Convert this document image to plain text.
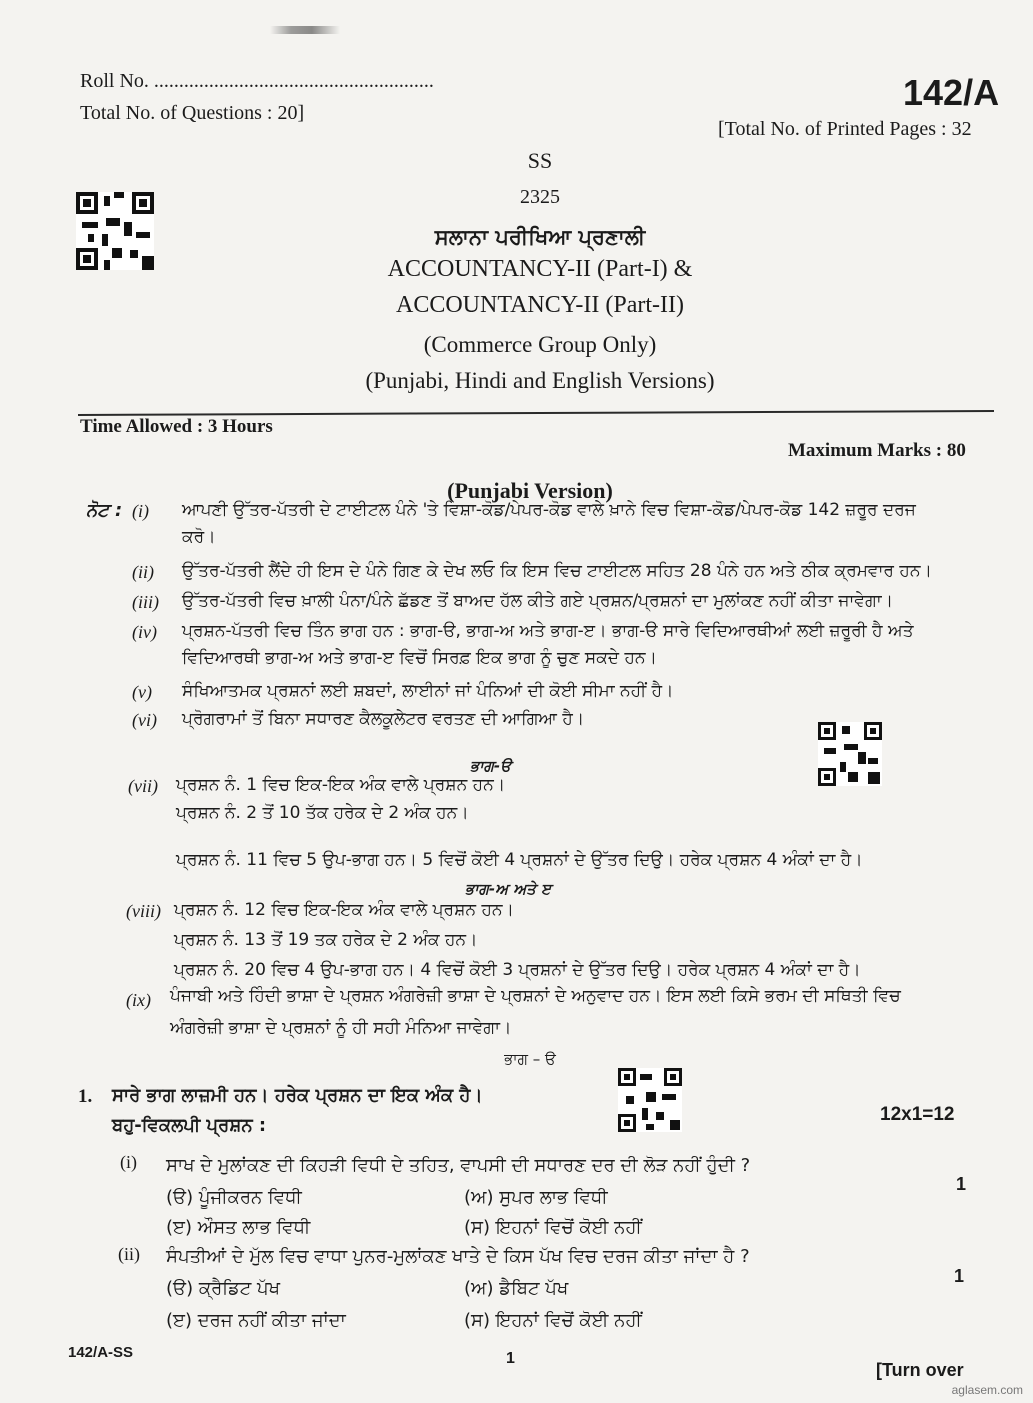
Roll No. ........................................................
Total No. of Questions : 20]	142/A
[Total No. of Printed Pages : 32
SS
2325
ਸਲਾਨਾ ਪਰੀਖਿਆ ਪ੍ਰਣਾਲੀ
ACCOUNTANCY-II (Part-I) &
ACCOUNTANCY-II (Part-II)
(Commerce Group Only)
(Punjabi, Hindi and English Versions)
Time Allowed : 3 Hours
Maximum Marks : 80
(Punjabi Version)
ਨੋਟ : (i) ਆਪਣੀ ਉੱਤਰ-ਪੱਤਰੀ ਦੇ ਟਾਈਟਲ ਪੰਨੇ 'ਤੇ ਵਿਸ਼ਾ-ਕੋਡ/ਪੇਪਰ-ਕੋਡ ਵਾਲੇ ਖ਼ਾਨੇ ਵਿਚ ਵਿਸ਼ਾ-ਕੋਡ/ਪੇਪਰ-ਕੋਡ 142 ਜ਼ਰੂਰ ਦਰਜ
ਕਰੋ।
(ii) ਉੱਤਰ-ਪੱਤਰੀ ਲੈਂਦੇ ਹੀ ਇਸ ਦੇ ਪੰਨੇ ਗਿਣ ਕੇ ਦੇਖ ਲਓ ਕਿ ਇਸ ਵਿਚ ਟਾਈਟਲ ਸਹਿਤ 28 ਪੰਨੇ ਹਨ ਅਤੇ ਠੀਕ ਕ੍ਰਮਵਾਰ ਹਨ।
(iii) ਉੱਤਰ-ਪੱਤਰੀ ਵਿਚ ਖ਼ਾਲੀ ਪੰਨਾ/ਪੰਨੇ ਛੱਡਣ ਤੋਂ ਬਾਅਦ ਹੱਲ ਕੀਤੇ ਗਏ ਪ੍ਰਸ਼ਨ/ਪ੍ਰਸ਼ਨਾਂ ਦਾ ਮੁਲਾਂਕਣ ਨਹੀਂ ਕੀਤਾ ਜਾਵੇਗਾ।
(iv) ਪ੍ਰਸ਼ਨ-ਪੱਤਰੀ ਵਿਚ ਤਿੰਨ ਭਾਗ ਹਨ : ਭਾਗ-ੳ, ਭਾਗ-ਅ ਅਤੇ ਭਾਗ-ੲ। ਭਾਗ-ੳ ਸਾਰੇ ਵਿਦਿਆਰਥੀਆਂ ਲਈ ਜ਼ਰੂਰੀ ਹੈ ਅਤੇ
ਵਿਦਿਆਰਥੀ ਭਾਗ-ਅ ਅਤੇ ਭਾਗ-ੲ ਵਿਚੋਂ ਸਿਰਫ਼ ਇਕ ਭਾਗ ਨੂੰ ਚੁਣ ਸਕਦੇ ਹਨ।
(v) ਸੰਖਿਆਤਮਕ ਪ੍ਰਸ਼ਨਾਂ ਲਈ ਸ਼ਬਦਾਂ, ਲਾਈਨਾਂ ਜਾਂ ਪੰਨਿਆਂ ਦੀ ਕੋਈ ਸੀਮਾ ਨਹੀਂ ਹੈ।
(vi) ਪ੍ਰੋਗਰਾਮਾਂ ਤੋਂ ਬਿਨਾ ਸਧਾਰਣ ਕੈਲਕੂਲੇਟਰ ਵਰਤਣ ਦੀ ਆਗਿਆ ਹੈ।
ਭਾਗ-ੳ
(vii) ਪ੍ਰਸ਼ਨ ਨੰ. 1 ਵਿਚ ਇਕ-ਇਕ ਅੰਕ ਵਾਲੇ ਪ੍ਰਸ਼ਨ ਹਨ।
ਪ੍ਰਸ਼ਨ ਨੰ. 2 ਤੋਂ 10 ਤੱਕ ਹਰੇਕ ਦੇ 2 ਅੰਕ ਹਨ।
ਪ੍ਰਸ਼ਨ ਨੰ. 11 ਵਿਚ 5 ਉਪ-ਭਾਗ ਹਨ। 5 ਵਿਚੋਂ ਕੋਈ 4 ਪ੍ਰਸ਼ਨਾਂ ਦੇ ਉੱਤਰ ਦਿਉ। ਹਰੇਕ ਪ੍ਰਸ਼ਨ 4 ਅੰਕਾਂ ਦਾ ਹੈ।
ਭਾਗ-ਅ ਅਤੇ ੲ
(viii) ਪ੍ਰਸ਼ਨ ਨੰ. 12 ਵਿਚ ਇਕ-ਇਕ ਅੰਕ ਵਾਲੇ ਪ੍ਰਸ਼ਨ ਹਨ।
ਪ੍ਰਸ਼ਨ ਨੰ. 13 ਤੋਂ 19 ਤਕ ਹਰੇਕ ਦੇ 2 ਅੰਕ ਹਨ।
ਪ੍ਰਸ਼ਨ ਨੰ. 20 ਵਿਚ 4 ਉਪ-ਭਾਗ ਹਨ। 4 ਵਿਚੋਂ ਕੋਈ 3 ਪ੍ਰਸ਼ਨਾਂ ਦੇ ਉੱਤਰ ਦਿਉ। ਹਰੇਕ ਪ੍ਰਸ਼ਨ 4 ਅੰਕਾਂ ਦਾ ਹੈ।
(ix) ਪੰਜਾਬੀ ਅਤੇ ਹਿੰਦੀ ਭਾਸ਼ਾ ਦੇ ਪ੍ਰਸ਼ਨ ਅੰਗਰੇਜ਼ੀ ਭਾਸ਼ਾ ਦੇ ਪ੍ਰਸ਼ਨਾਂ ਦੇ ਅਨੁਵਾਦ ਹਨ। ਇਸ ਲਈ ਕਿਸੇ ਭਰਮ ਦੀ ਸਥਿਤੀ ਵਿਚ
ਅੰਗਰੇਜ਼ੀ ਭਾਸ਼ਾ ਦੇ ਪ੍ਰਸ਼ਨਾਂ ਨੂੰ ਹੀ ਸਹੀ ਮੰਨਿਆ ਜਾਵੇਗਾ।
ਭਾਗ – ੳ
1. ਸਾਰੇ ਭਾਗ ਲਾਜ਼ਮੀ ਹਨ। ਹਰੇਕ ਪ੍ਰਸ਼ਨ ਦਾ ਇਕ ਅੰਕ ਹੈ।
ਬਹੁ-ਵਿਕਲਪੀ ਪ੍ਰਸ਼ਨ :
12x1=12
(i) ਸਾਖ ਦੇ ਮੁਲਾਂਕਣ ਦੀ ਕਿਹੜੀ ਵਿਧੀ ਦੇ ਤਹਿਤ, ਵਾਪਸੀ ਦੀ ਸਧਾਰਣ ਦਰ ਦੀ ਲੋੜ ਨਹੀਂ ਹੁੰਦੀ ?
1
(ੳ) ਪੂੰਜੀਕਰਨ ਵਿਧੀ	(ਅ) ਸੁਪਰ ਲਾਭ ਵਿਧੀ
(ੲ) ਔਸਤ ਲਾਭ ਵਿਧੀ	(ਸ) ਇਹਨਾਂ ਵਿਚੋਂ ਕੋਈ ਨਹੀਂ
(ii) ਸੰਪਤੀਆਂ ਦੇ ਮੁੱਲ ਵਿਚ ਵਾਧਾ ਪੁਨਰ-ਮੁਲਾਂਕਣ ਖਾਤੇ ਦੇ ਕਿਸ ਪੱਖ ਵਿਚ ਦਰਜ ਕੀਤਾ ਜਾਂਦਾ ਹੈ ?
1
(ੳ) ਕ੍ਰੈਡਿਟ ਪੱਖ	(ਅ) ਡੈਬਿਟ ਪੱਖ
(ੲ) ਦਰਜ ਨਹੀਂ ਕੀਤਾ ਜਾਂਦਾ	(ਸ) ਇਹਨਾਂ ਵਿਚੋਂ ਕੋਈ ਨਹੀਂ
142/A-SS	1
[Turn over
aglasem.com
